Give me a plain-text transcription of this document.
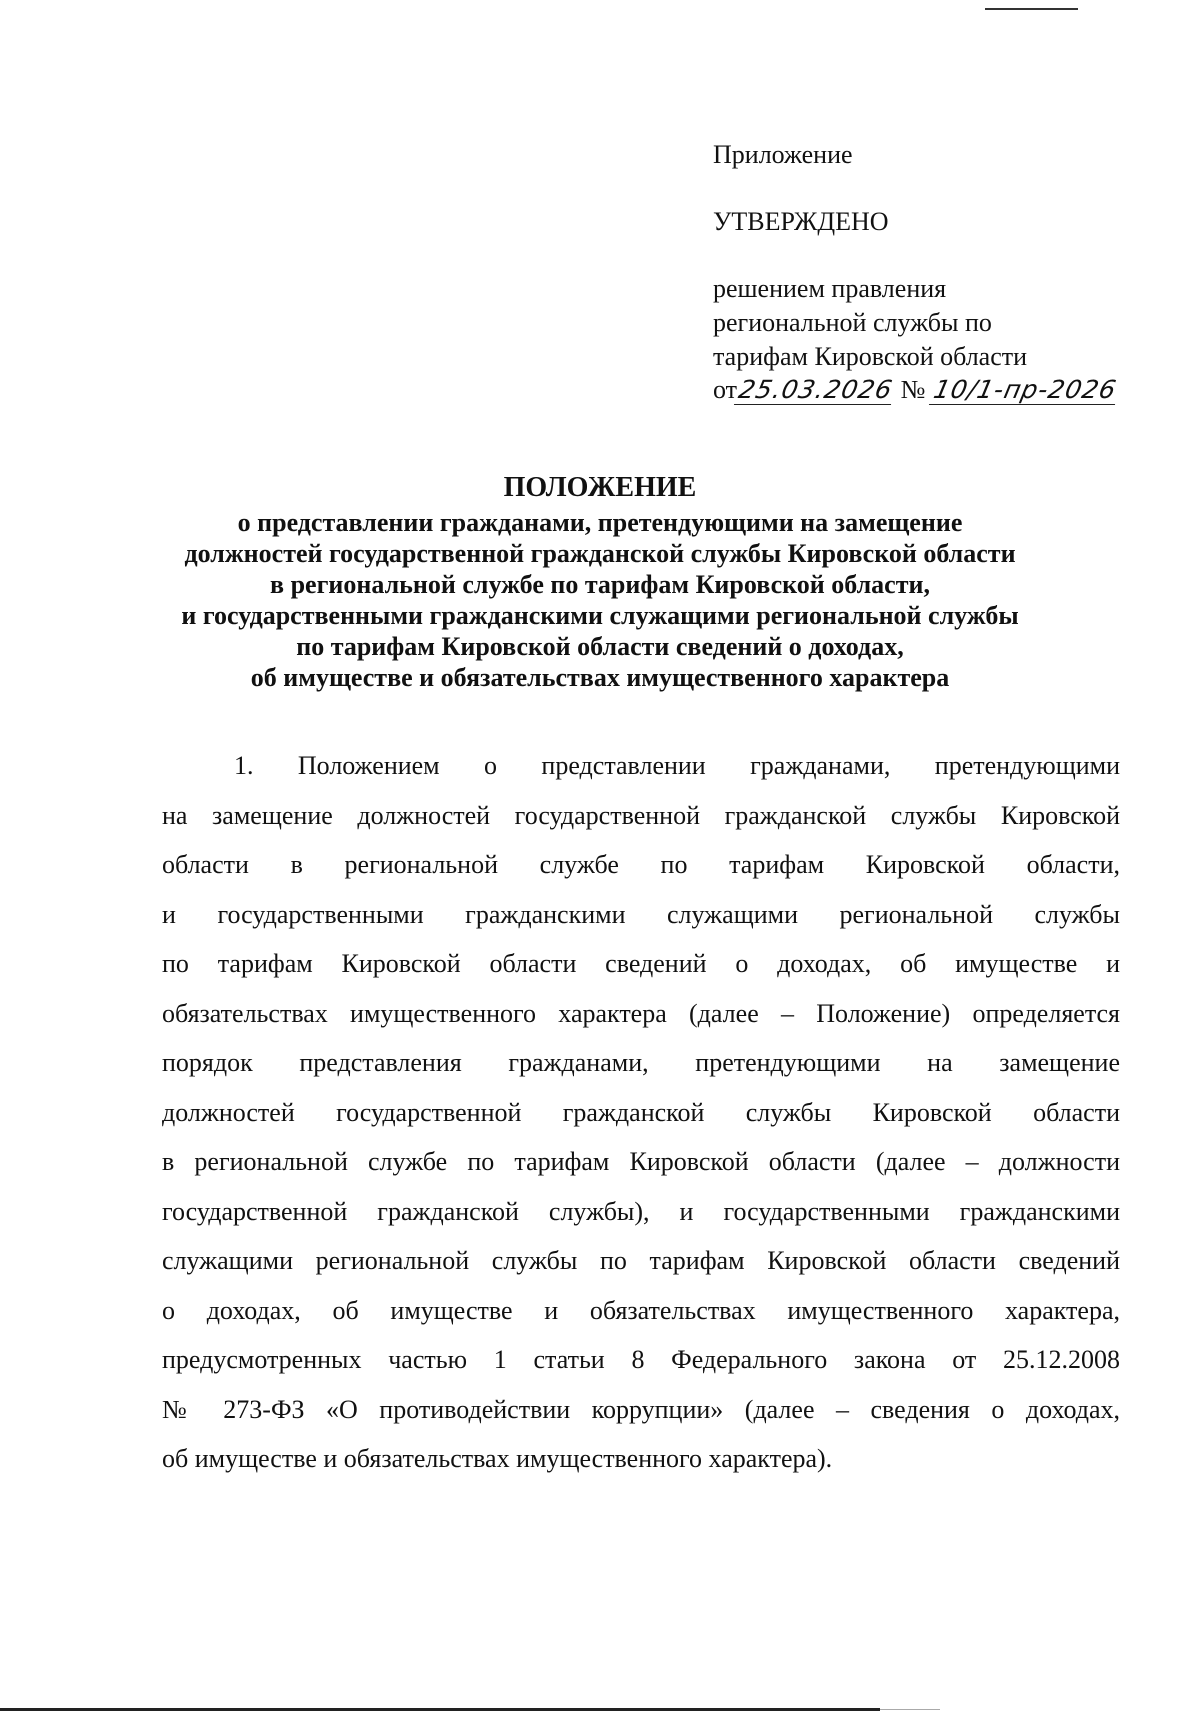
Приложение
УТВЕРЖДЕНО
решением правления
региональной службы по
тарифам Кировской области
от25.03.2026 № 10/1-пр-2026
ПОЛОЖЕНИЕ
о представлении гражданами, претендующими на замещение
должностей государственной гражданской службы Кировской области
в региональной службе по тарифам Кировской области,
и государственными гражданскими служащими региональной службы
по тарифам Кировской области сведений о доходах,
об имуществе и обязательствах имущественного характера
1. Положением о представлении гражданами, претендующими
на замещение должностей государственной гражданской службы Кировской
области в региональной службе по тарифам Кировской области,
и государственными гражданскими служащими региональной службы
по тарифам Кировской области сведений о доходах, об имуществе и
обязательствах имущественного характера (далее – Положение) определяется
порядок представления гражданами, претендующими на замещение
должностей государственной гражданской службы Кировской области
в региональной службе по тарифам Кировской области (далее – должности
государственной гражданской службы), и государственными гражданскими
служащими региональной службы по тарифам Кировской области сведений
о доходах, об имуществе и обязательствах имущественного характера,
предусмотренных частью 1 статьи 8 Федерального закона от 25.12.2008
№ 273-ФЗ «О противодействии коррупции» (далее – сведения о доходах,
об имуществе и обязательствах имущественного характера).
